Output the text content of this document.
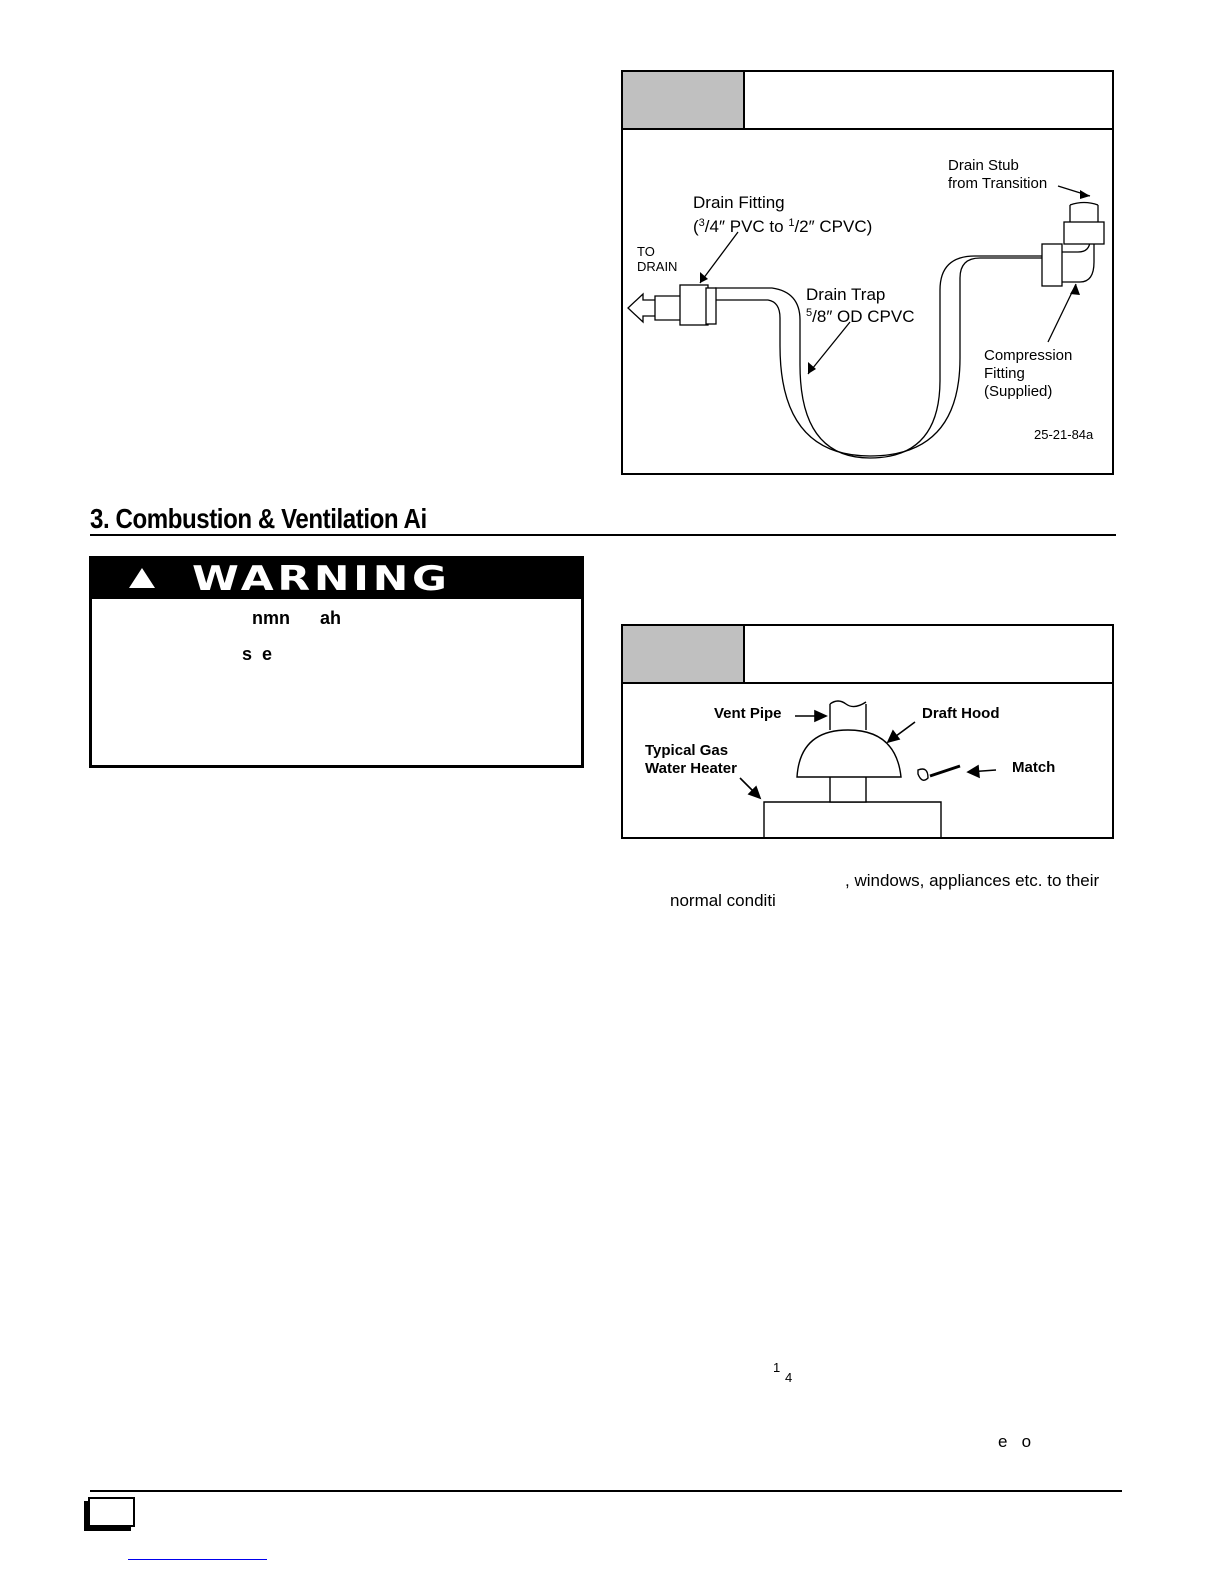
Drain Stub
from Transition
Drain Fitting
($^3$/4″ PVC to $^1$/2″ CPVC)
TO
DRAIN
Drain Trap
$^5$/8″ OD CPVC
Compression
Fitting
(Supplied)
25-21-84a
3. Combustion & Ventilation Ai
WARNING
nmn      ah
s  e
Vent Pipe	Draft Hood
Typical Gas
Water Heater	Match
, windows, appliances etc. to their
normal conditi
1
4
e   o
